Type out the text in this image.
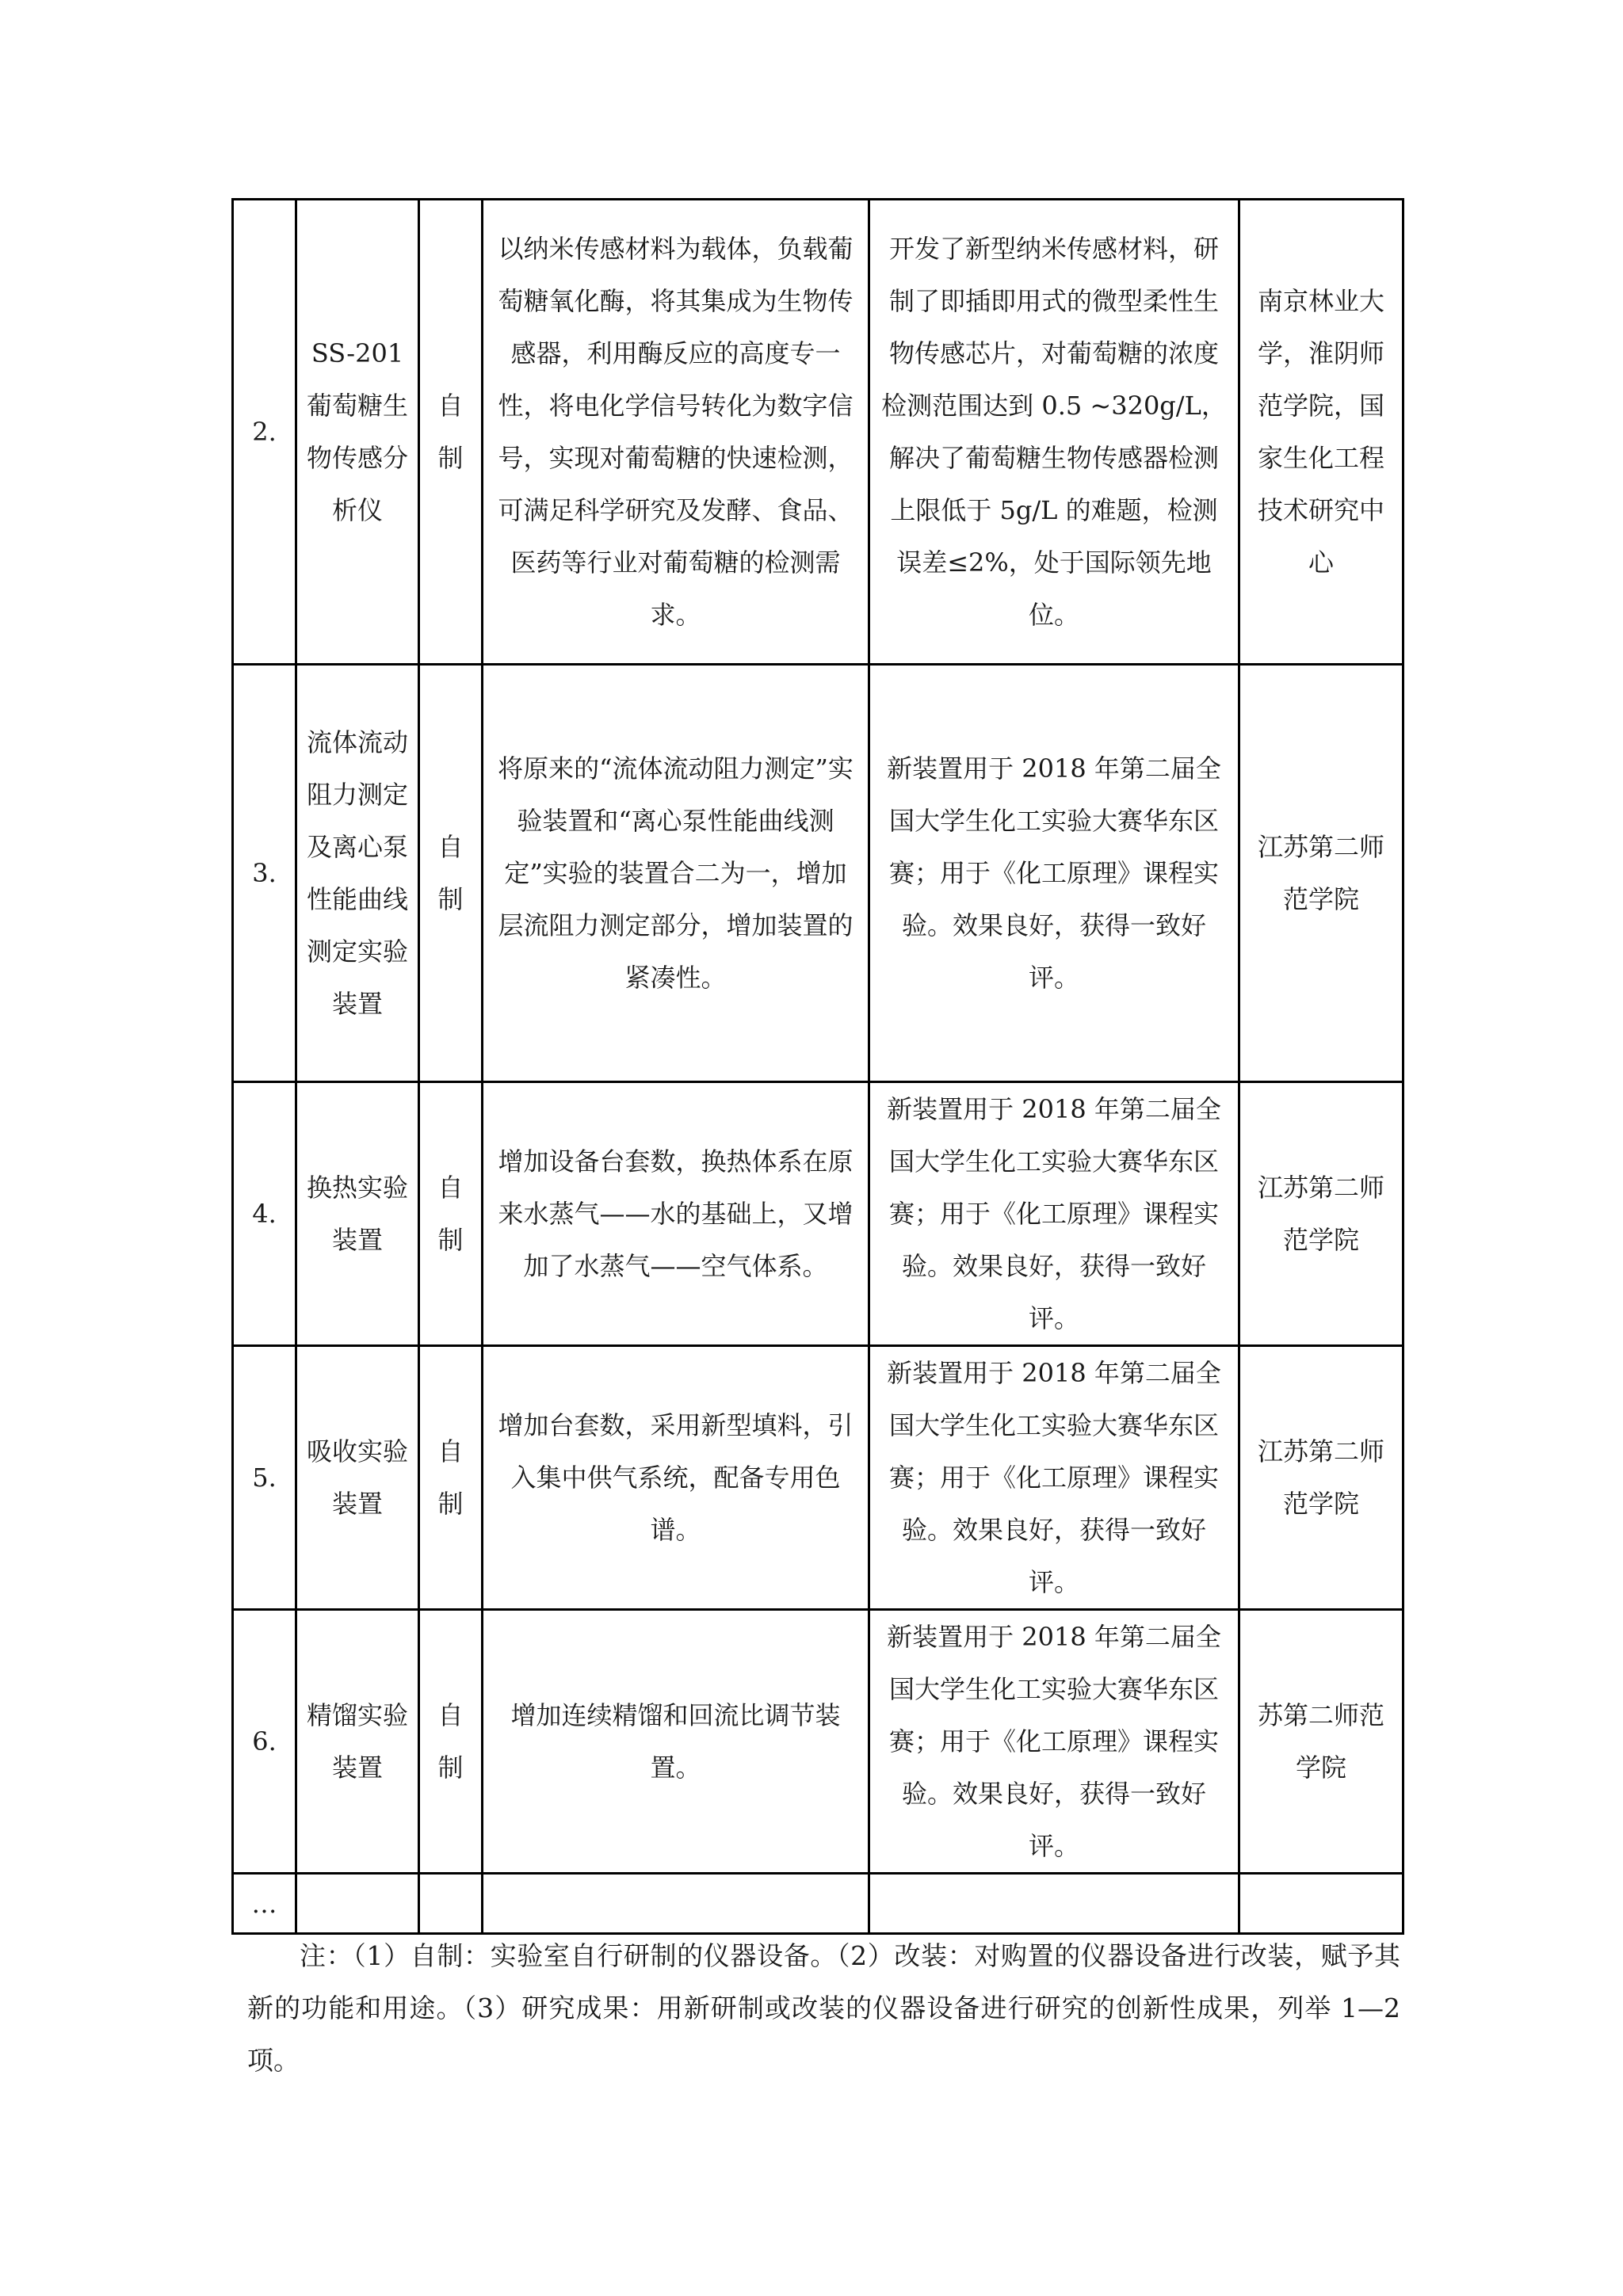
2.	SS-201 葡萄糖生物传感分析仪	自 制	以纳米传感材料为载体，负载葡萄糖氧化酶，将其集成为生物传感器，利用酶反应的高度专一性，将电化学信号转化为数字信号，实现对葡萄糖的快速检测，可满足科学研究及发酵、食品、医药等行业对葡萄糖的检测需求。	开发了新型纳米传感材料，研制了即插即用式的微型柔性生物传感芯片，对葡萄糖的浓度检测范围达到 0.5 ~320g/L，解决了葡萄糖生物传感器检测上限低于 5g/L 的难题，检测误差≤2%，处于国际领先地位。	南京林业大学，淮阴师范学院，国家生化工程技术研究中心

3.	流体流动阻力测定及离心泵性能曲线测定实验装置	自 制	将原来的“流体流动阻力测定”实验装置和“离心泵性能曲线测定”实验的装置合二为一，增加层流阻力测定部分，增加装置的紧凑性。	新装置用于 2018 年第二届全国大学生化工实验大赛华东区赛；用于《化工原理》课程实验。效果良好，获得一致好评。	江苏第二师范学院

4.	换热实验装置	自 制	增加设备台套数，换热体系在原来水蒸气——水的基础上，又增加了水蒸气——空气体系。	新装置用于 2018 年第二届全国大学生化工实验大赛华东区赛；用于《化工原理》课程实验。效果良好，获得一致好评。	江苏第二师范学院

5.	吸收实验装置	自 制	增加台套数，采用新型填料，引入集中供气系统，配备专用色谱。	新装置用于 2018 年第二届全国大学生化工实验大赛华东区赛；用于《化工原理》课程实验。效果良好，获得一致好评。	江苏第二师范学院

6.	精馏实验装置	自 制	增加连续精馏和回流比调节装置。	新装置用于 2018 年第二届全国大学生化工实验大赛华东区赛；用于《化工原理》课程实验。效果良好，获得一致好评。	苏第二师范学院

…					

注：（1）自制：实验室自行研制的仪器设备。（2）改装：对购置的仪器设备进行改装，赋予其新的功能和用途。（3）研究成果：用新研制或改装的仪器设备进行研究的创新性成果，列举 1—2 项。
